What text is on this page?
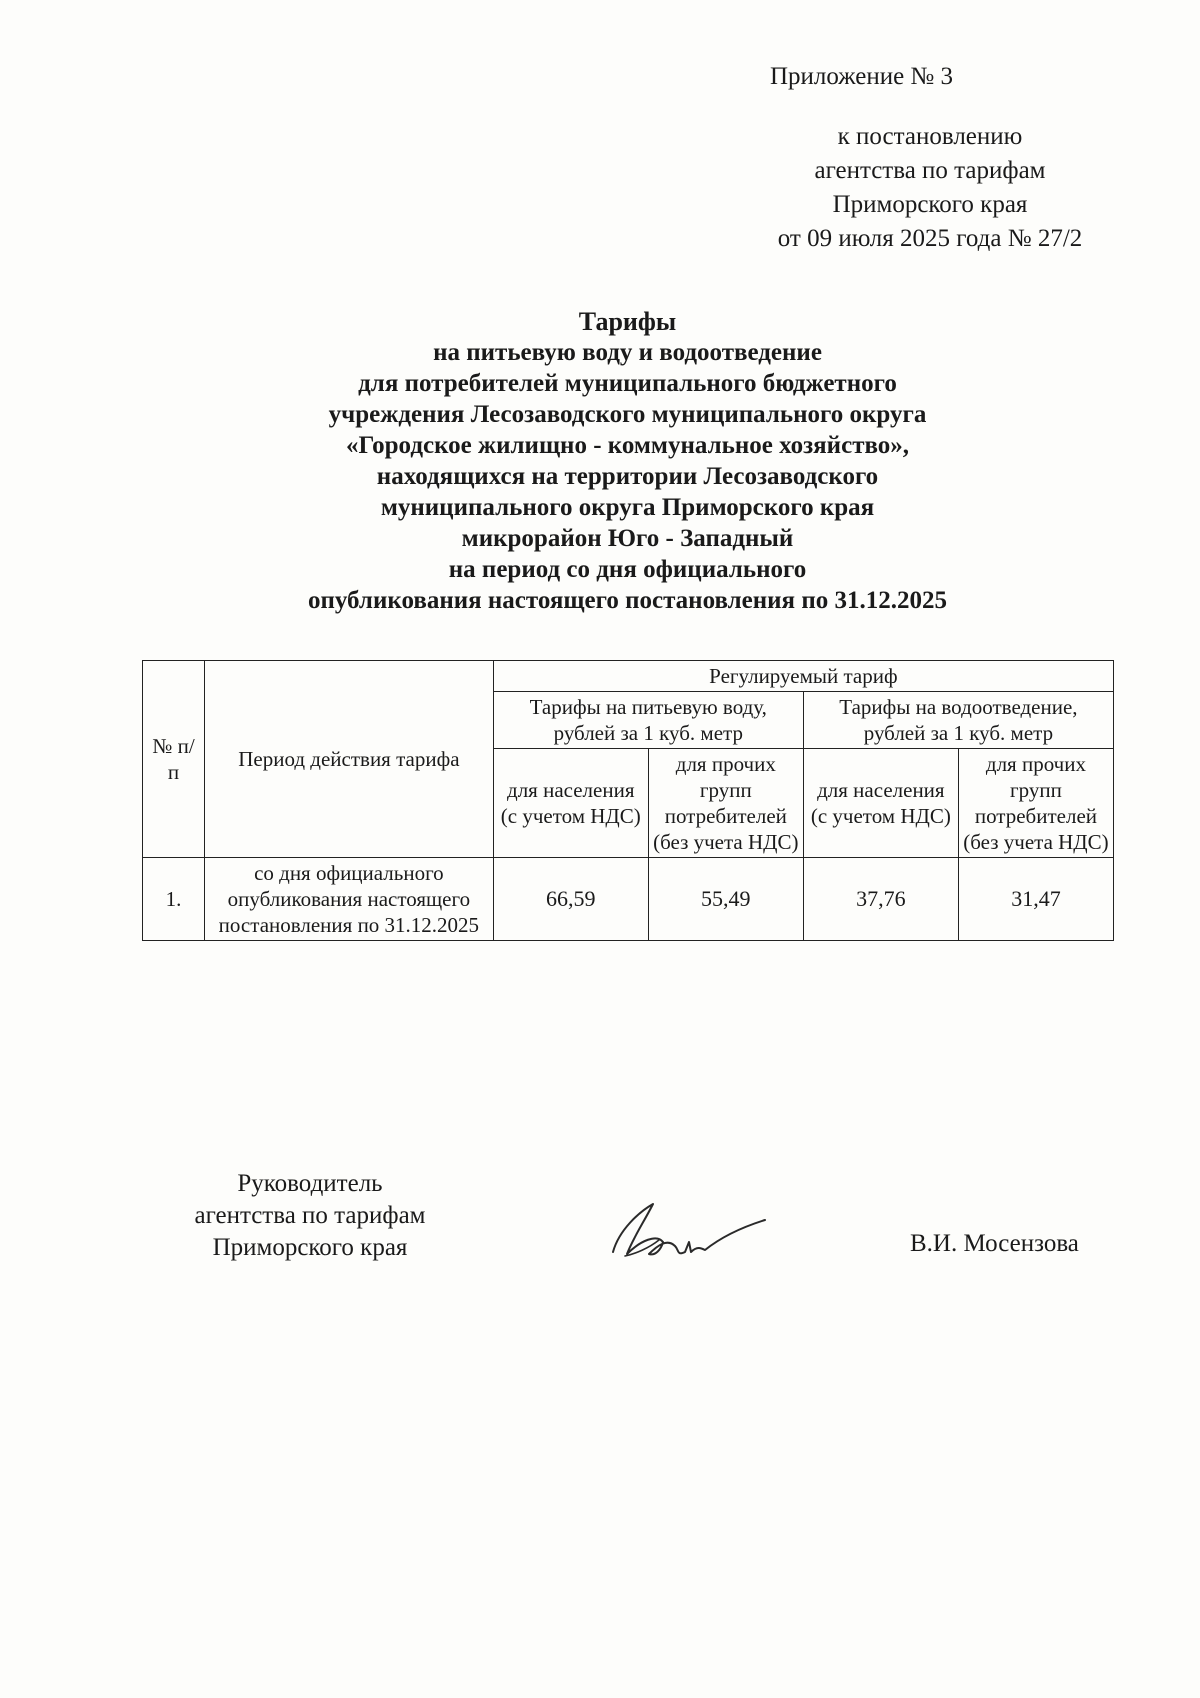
Приложение № 3
к постановлению
агентства по тарифам
Приморского края
от 09 июля 2025 года № 27/2
Тарифы
на питьевую воду и водоотведение
для потребителей муниципального бюджетного
учреждения Лесозаводского муниципального округа
«Городское жилищно - коммунальное хозяйство»,
находящихся на территории Лесозаводского
муниципального округа Приморского края
микрорайон Юго - Западный
на период со дня официального
опубликования настоящего постановления по 31.12.2025
№ п/п	Период действия тарифа	Регулируемый тариф			
		Тарифы на питьевую воду, рублей за 1 куб. метр		Тарифы на водоотведение, рублей за 1 куб. метр	
		для населения (с учетом НДС)	для прочих групп потребителей (без учета НДС)	для населения (с учетом НДС)	для прочих групп потребителей (без учета НДС)
1.	со дня официального опубликования настоящего постановления по 31.12.2025	66,59	55,49	37,76	31,47
Руководитель
агентства по тарифам
Приморского края	В.И. Мосензова
